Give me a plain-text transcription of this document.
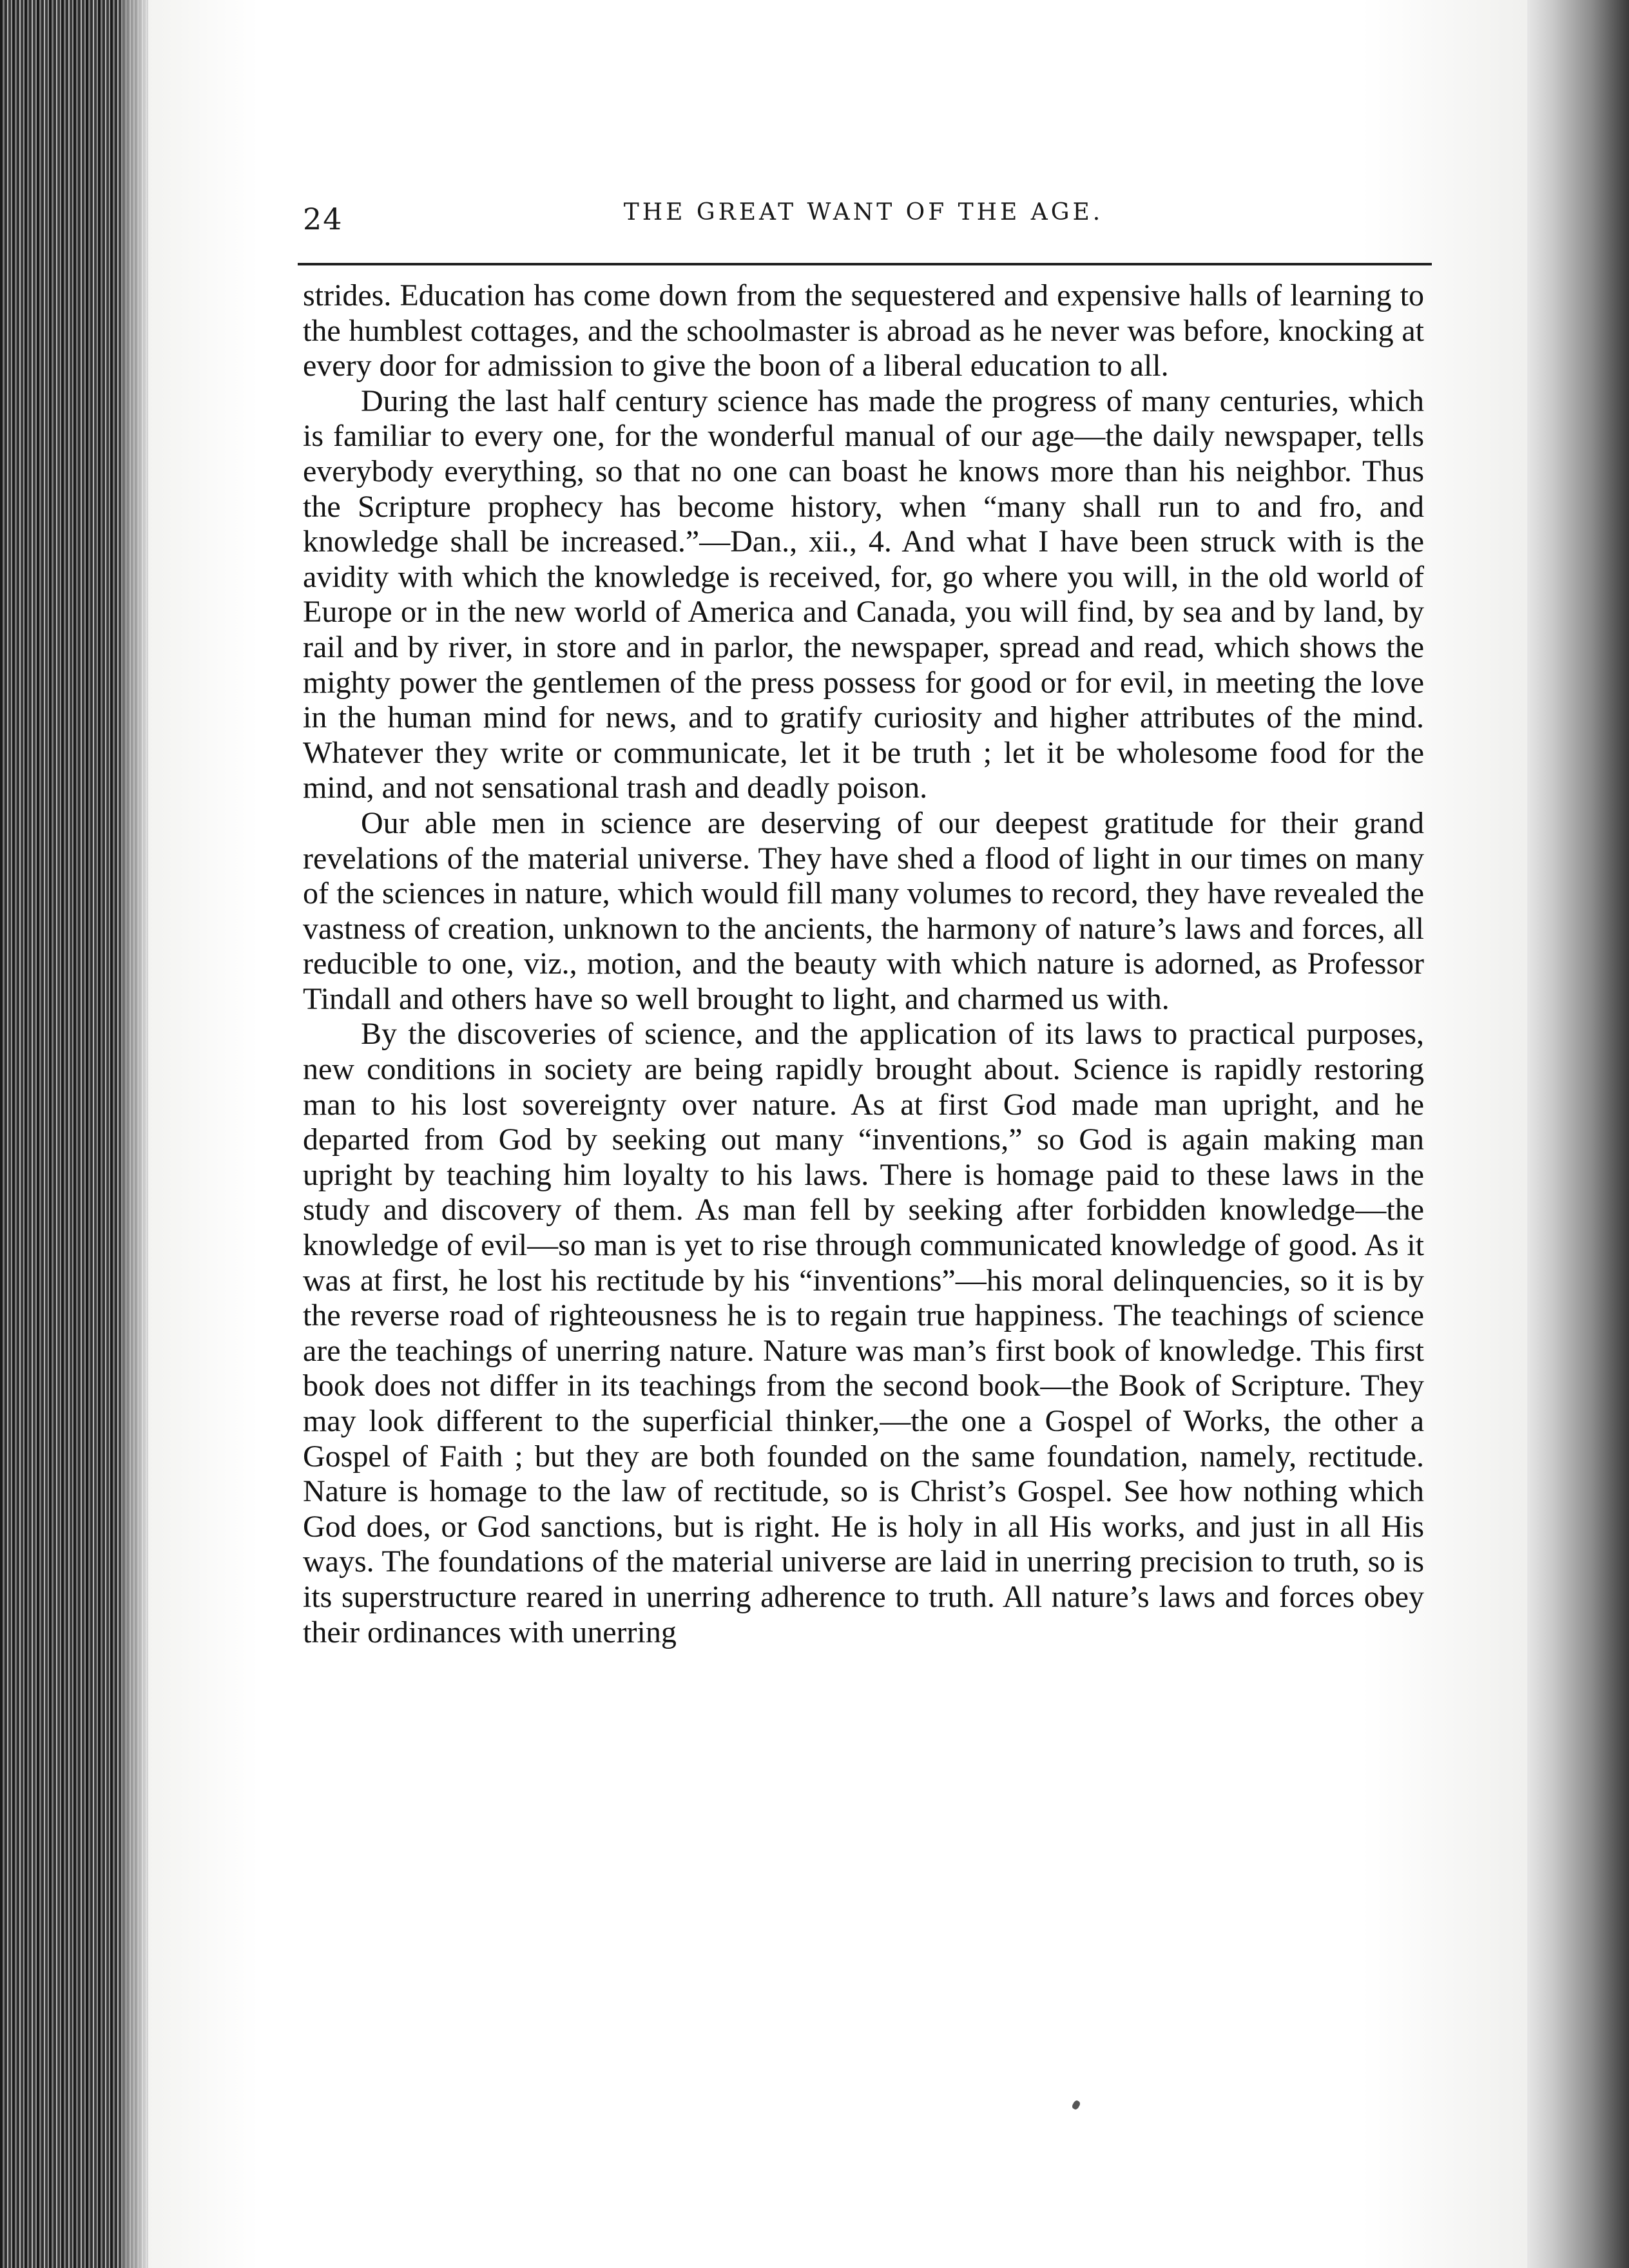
24	THE GREAT WANT OF THE AGE.

strides. Education has come down from the sequestered and expensive halls of learning to the humblest cottages, and the schoolmaster is abroad as he never was before, knocking at every door for admission to give the boon of a liberal education to all.

During the last half century science has made the progress of many centuries, which is familiar to every one, for the wonderful manual of our age—the daily newspaper, tells everybody everything, so that no one can boast he knows more than his neighbor. Thus the Scripture prophecy has become history, when “many shall run to and fro, and knowledge shall be increased.”—Dan., xii., 4. And what I have been struck with is the avidity with which the knowledge is received, for, go where you will, in the old world of Europe or in the new world of America and Canada, you will find, by sea and by land, by rail and by river, in store and in parlor, the newspaper, spread and read, which shows the mighty power the gentlemen of the press possess for good or for evil, in meeting the love in the human mind for news, and to gratify curiosity and higher attributes of the mind. Whatever they write or communicate, let it be truth ; let it be wholesome food for the mind, and not sensational trash and deadly poison.

Our able men in science are deserving of our deepest gratitude for their grand revelations of the material universe. They have shed a flood of light in our times on many of the sciences in nature, which would fill many volumes to record, they have revealed the vastness of creation, unknown to the ancients, the harmony of nature’s laws and forces, all reducible to one, viz., motion, and the beauty with which nature is adorned, as Professor Tindall and others have so well brought to light, and charmed us with.

By the discoveries of science, and the application of its laws to practical purposes, new conditions in society are being rapidly brought about. Science is rapidly restoring man to his lost sovereignty over nature. As at first God made man upright, and he departed from God by seeking out many “inventions,” so God is again making man upright by teaching him loyalty to his laws. There is homage paid to these laws in the study and discovery of them. As man fell by seeking after forbidden knowledge—the knowledge of evil—so man is yet to rise through communicated knowledge of good. As it was at first, he lost his rectitude by his “inventions”—his moral delinquencies, so it is by the reverse road of righteousness he is to regain true happiness. The teachings of science are the teachings of unerring nature. Nature was man’s first book of knowledge. This first book does not differ in its teachings from the second book—the Book of Scripture. They may look different to the superficial thinker,—the one a Gospel of Works, the other a Gospel of Faith ; but they are both founded on the same foundation, namely, rectitude. Nature is homage to the law of rectitude, so is Christ’s Gospel. See how nothing which God does, or God sanctions, but is right. He is holy in all His works, and just in all His ways. The foundations of the material universe are laid in unerring precision to truth, so is its superstructure reared in unerring adherence to truth. All nature’s laws and forces obey their ordinances with unerring
